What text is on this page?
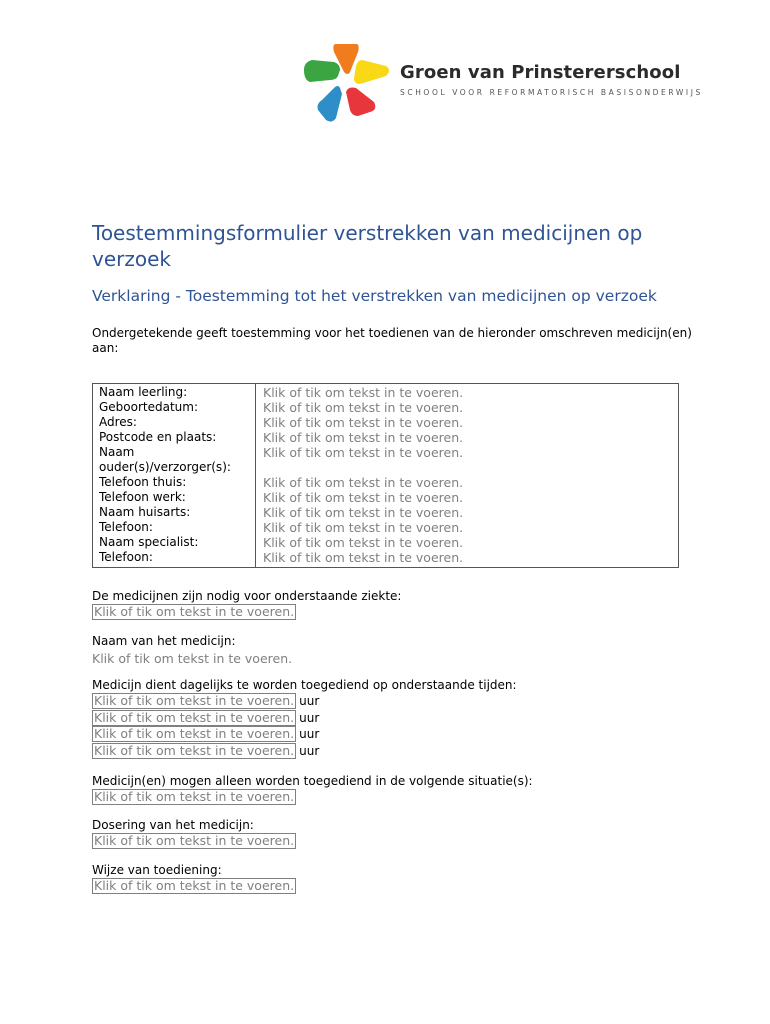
Groen van Prinstererschool
SCHOOL VOOR REFORMATORISCH BASISONDERWIJS
Toestemmingsformulier verstrekken van medicijnen op verzoek
Verklaring - Toestemming tot het verstrekken van medicijnen op verzoek
Ondergetekende geeft toestemming voor het toedienen van de hieronder omschreven medicijn(en)
aan:
Naam leerling:	Klik of tik om tekst in te voeren.
Geboortedatum:	Klik of tik om tekst in te voeren.
Adres:	Klik of tik om tekst in te voeren.
Postcode en plaats:	Klik of tik om tekst in te voeren.
Naam ouder(s)/verzorger(s):	Klik of tik om tekst in te voeren.
Telefoon thuis:	Klik of tik om tekst in te voeren.
Telefoon werk:	Klik of tik om tekst in te voeren.
Naam huisarts:	Klik of tik om tekst in te voeren.
Telefoon:	Klik of tik om tekst in te voeren.
Naam specialist:	Klik of tik om tekst in te voeren.
Telefoon:	Klik of tik om tekst in te voeren.
De medicijnen zijn nodig voor onderstaande ziekte:
Klik of tik om tekst in te voeren.
Naam van het medicijn:
Klik of tik om tekst in te voeren.
Medicijn dient dagelijks te worden toegediend op onderstaande tijden:
Klik of tik om tekst in te voeren. uur
Klik of tik om tekst in te voeren. uur
Klik of tik om tekst in te voeren. uur
Klik of tik om tekst in te voeren. uur
Medicijn(en) mogen alleen worden toegediend in de volgende situatie(s):
Klik of tik om tekst in te voeren.
Dosering van het medicijn:
Klik of tik om tekst in te voeren.
Wijze van toediening:
Klik of tik om tekst in te voeren.
